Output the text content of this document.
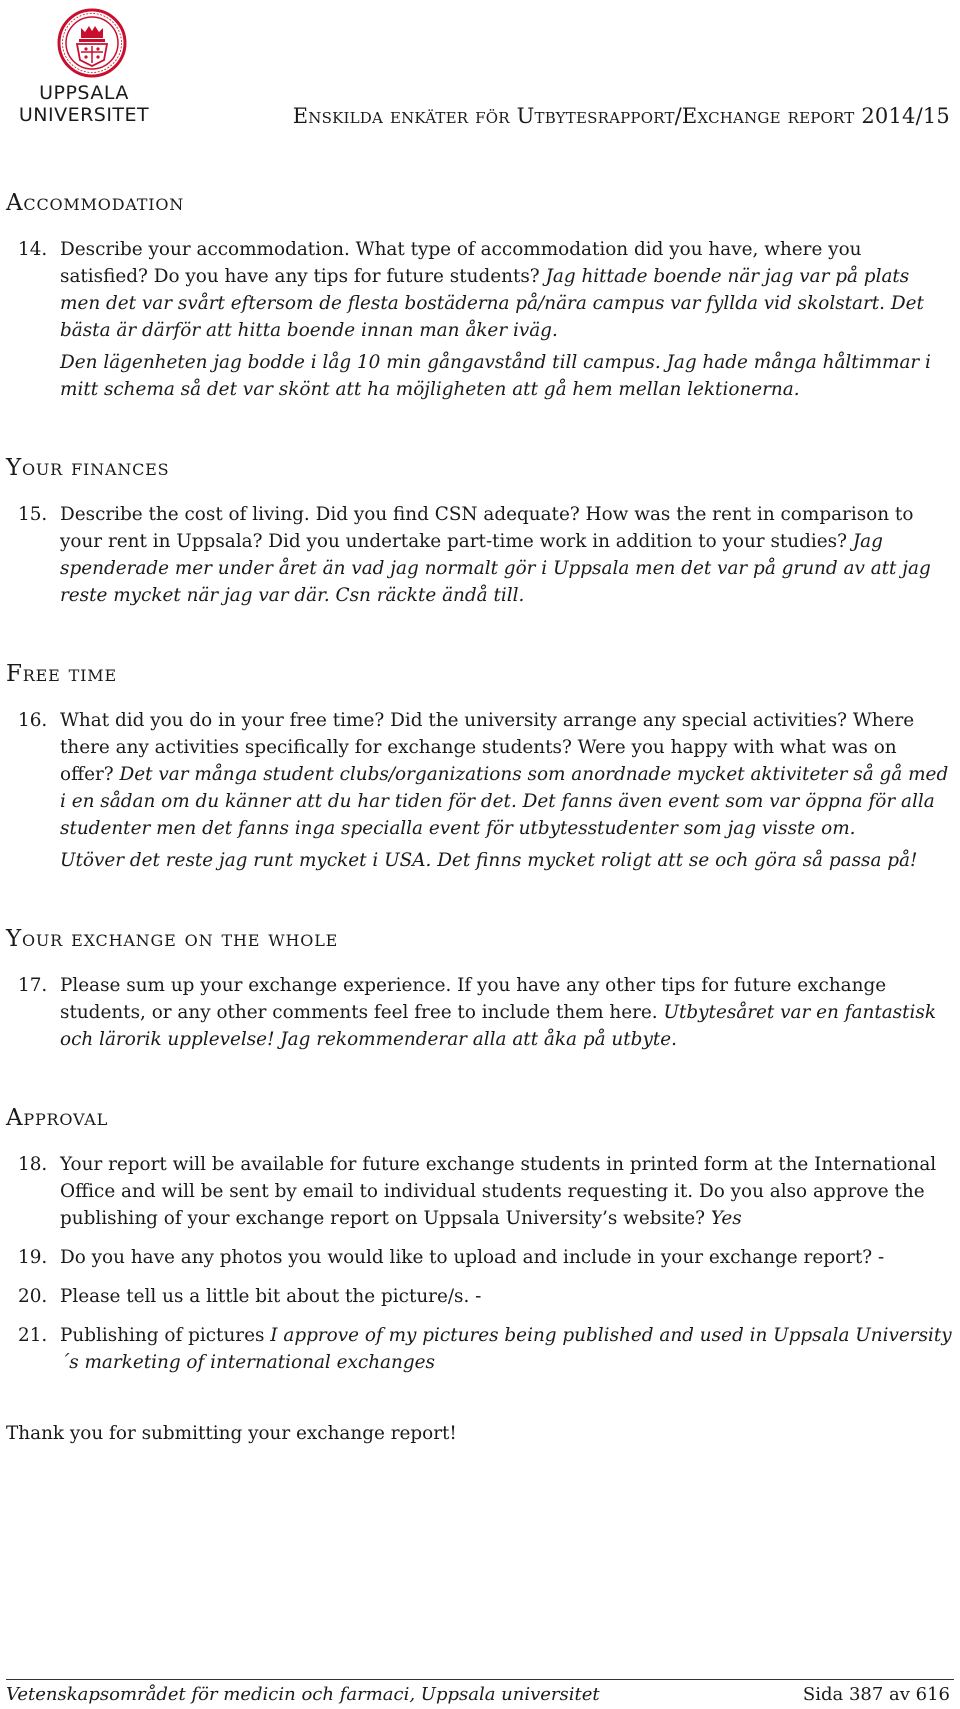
UPPSALA
UNIVERSITET	Enskilda enkäter för Utbytesrapport/Exchange report 2014/15
Accommodation
14. Describe your accommodation. What type of accommodation did you have, where you satisfied? Do you have any tips for future students? Jag hittade boende när jag var på plats men det var svårt eftersom de flesta bostäderna på/nära campus var fyllda vid skolstart. Det bästa är därför att hitta boende innan man åker iväg.
Den lägenheten jag bodde i låg 10 min gångavstånd till campus. Jag hade många håltimmar i mitt schema så det var skönt att ha möjligheten att gå hem mellan lektionerna.
Your finances
15. Describe the cost of living. Did you find CSN adequate? How was the rent in comparison to your rent in Uppsala? Did you undertake part-time work in addition to your studies? Jag spenderade mer under året än vad jag normalt gör i Uppsala men det var på grund av att jag reste mycket när jag var där. Csn räckte ändå till.
Free time
16. What did you do in your free time? Did the university arrange any special activities? Where there any activities specifically for exchange students? Were you happy with what was on offer? Det var många student clubs/organizations som anordnade mycket aktiviteter så gå med i en sådan om du känner att du har tiden för det. Det fanns även event som var öppna för alla studenter men det fanns inga specialla event för utbytesstudenter som jag visste om.
Utöver det reste jag runt mycket i USA. Det finns mycket roligt att se och göra så passa på!
Your exchange on the whole
17. Please sum up your exchange experience. If you have any other tips for future exchange students, or any other comments feel free to include them here. Utbytesåret var en fantastisk och lärorik upplevelse! Jag rekommenderar alla att åka på utbyte.
Approval
18. Your report will be available for future exchange students in printed form at the International Office and will be sent by email to individual students requesting it. Do you also approve the publishing of your exchange report on Uppsala University’s website? Yes
19. Do you have any photos you would like to upload and include in your exchange report? -
20. Please tell us a little bit about the picture/s. -
21. Publishing of pictures I approve of my pictures being published and used in Uppsala University´s marketing of international exchanges
Thank you for submitting your exchange report!
Vetenskapsområdet för medicin och farmaci, Uppsala universitet	Sida 387 av 616
